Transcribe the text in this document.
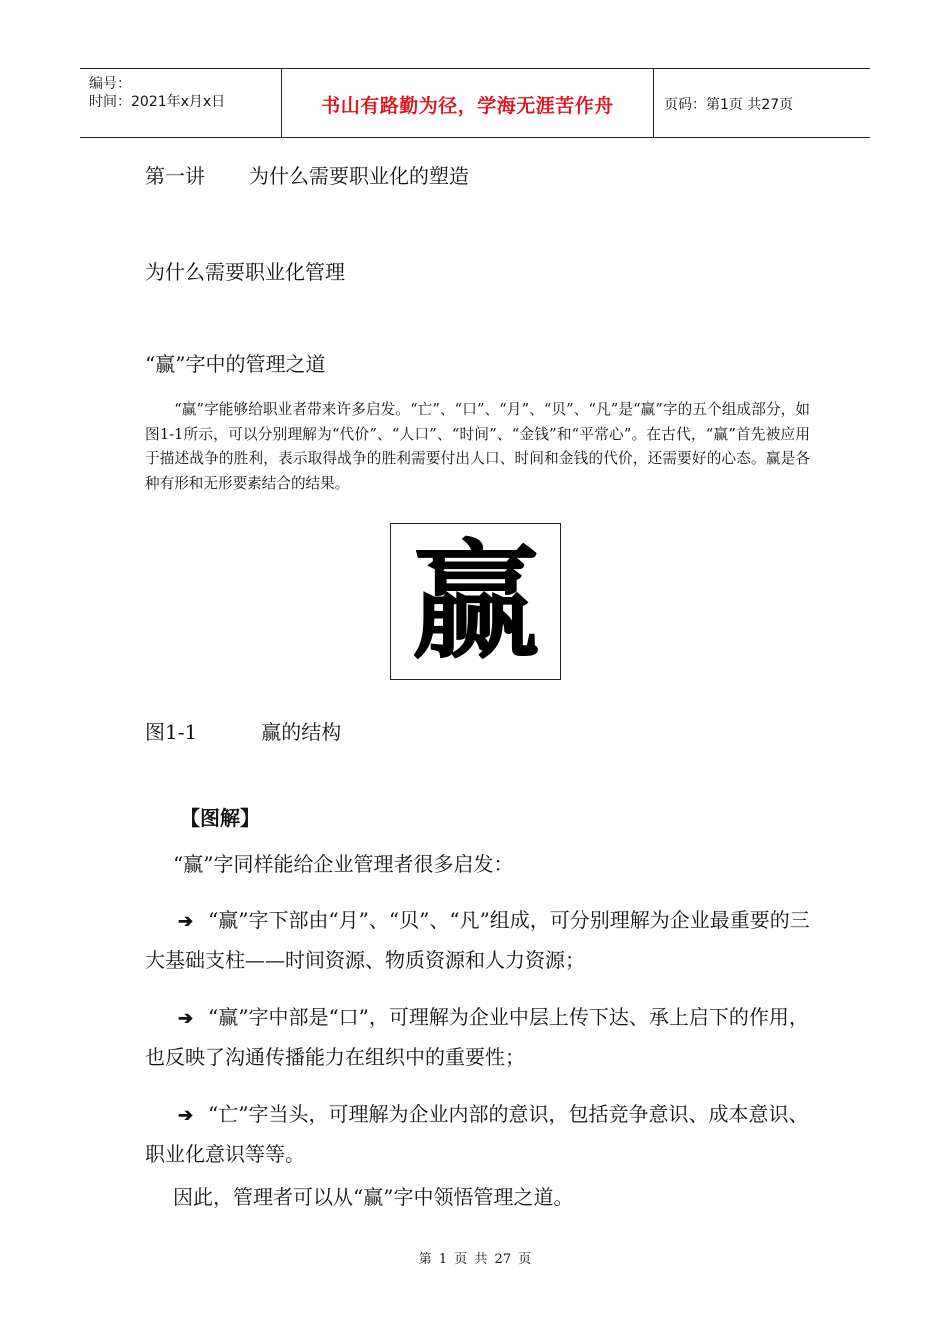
编号：
时间：2021年x月x日	书山有路勤为径，学海无涯苦作舟	页码：第1页 共27页
第一讲 为什么需要职业化的塑造
为什么需要职业化管理
“赢”字中的管理之道
“赢”字能够给职业者带来许多启发。“亡”、“口”、“月”、“贝”、“凡”是“赢”字的五个组成部分，如图1-1所示，可以分别理解为“代价”、“人口”、“时间”、“金钱”和“平常心”。在古代，“赢”首先被应用于描述战争的胜利，表示取得战争的胜利需要付出人口、时间和金钱的代价，还需要好的心态。赢是各种有形和无形要素结合的结果。
赢
图1-1	赢的结构
【图解】
“赢”字同样能给企业管理者很多启发：
➔ “赢”字下部由“月”、“贝”、“凡”组成，可分别理解为企业最重要的三大基础支柱——时间资源、物质资源和人力资源；
➔ “赢”字中部是“口”，可理解为企业中层上传下达、承上启下的作用，也反映了沟通传播能力在组织中的重要性；
➔ “亡”字当头，可理解为企业内部的意识，包括竞争意识、成本意识、职业化意识等等。
因此，管理者可以从“赢”字中领悟管理之道。
第 1 页 共 27 页
